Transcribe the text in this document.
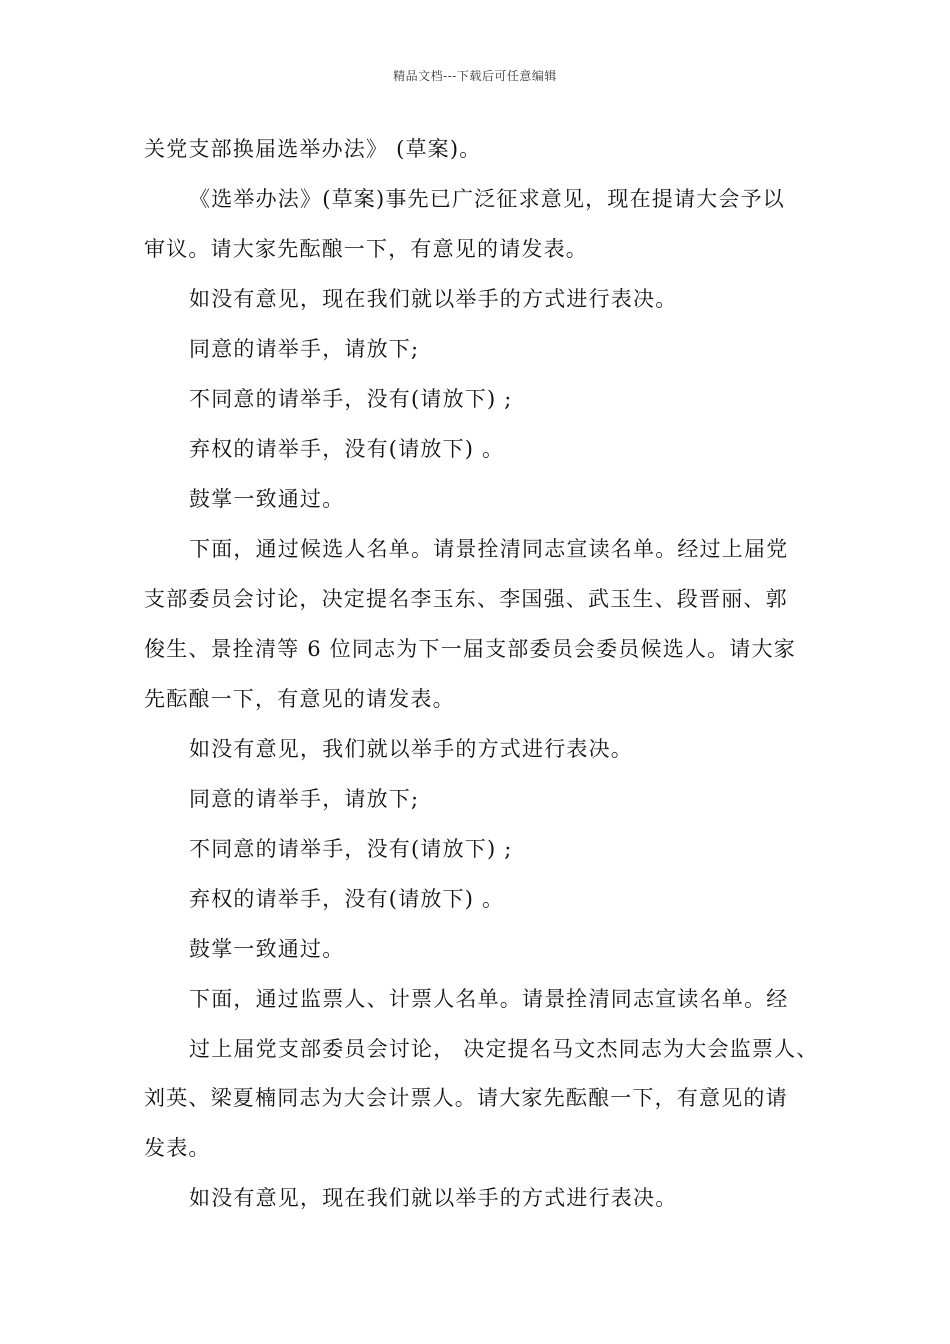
精品文档---下载后可任意编辑
关党支部换届选举办法》 (草案)。
《选举办法》(草案)事先已广泛征求意见，现在提请大会予以
审议。请大家先酝酿一下，有意见的请发表。
如没有意见，现在我们就以举手的方式进行表决。
同意的请举手，请放下;
不同意的请举手，没有(请放下) ;
弃权的请举手，没有(请放下) 。
鼓掌一致通过。
下面，通过候选人名单。请景拴清同志宣读名单。经过上届党
支部委员会讨论，决定提名李玉东、李国强、武玉生、段晋丽、郭
俊生、景拴清等 6 位同志为下一届支部委员会委员候选人。请大家
先酝酿一下，有意见的请发表。
如没有意见，我们就以举手的方式进行表决。
同意的请举手，请放下;
不同意的请举手，没有(请放下) ;
弃权的请举手，没有(请放下) 。
鼓掌一致通过。
下面，通过监票人、计票人名单。请景拴清同志宣读名单。经
过上届党支部委员会讨论， 决定提名马文杰同志为大会监票人、
刘英、梁夏楠同志为大会计票人。请大家先酝酿一下，有意见的请
发表。
如没有意见，现在我们就以举手的方式进行表决。
